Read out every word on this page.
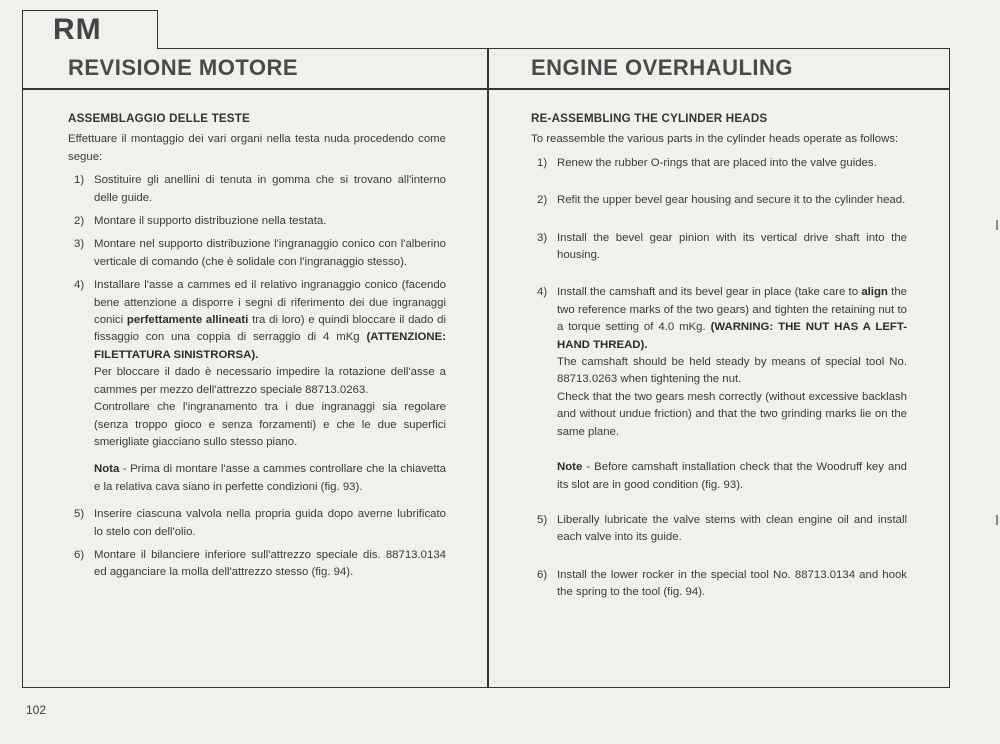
RM
REVISIONE MOTORE	ENGINE OVERHAULING

ASSEMBLAGGIO DELLE TESTE

Effettuare il montaggio dei vari organi nella testa nuda procedendo come segue:

1) Sostituire gli anellini di tenuta in gomma che si trovano all'interno delle guide.

2) Montare il supporto distribuzione nella testata.

3) Montare nel supporto distribuzione l'ingranaggio conico con l'alberino verticale di comando (che è solidale con l'ingranaggio stesso).

4) Installare l'asse a cammes ed il relativo ingranaggio conico (facendo bene attenzione a disporre i segni di riferimento dei due ingranaggi conici perfettamente allineati tra di loro) e quindi bloccare il dado di fissaggio con una coppia di serraggio di 4 mKg (ATTENZIONE: FILETTATURA SINISTRORSA).

Per bloccare il dado è necessario impedire la rotazione dell'asse a cammes per mezzo dell'attrezzo speciale 88713.0263.

Controllare che l'ingranamento tra i due ingranaggi sia regolare (senza troppo gioco e senza forzamenti) e che le due superfici smerigliate giacciano sullo stesso piano.

Nota - Prima di montare l'asse a cammes controllare che la chiavetta e la relativa cava siano in perfette condizioni (fig. 93).

5) Inserire ciascuna valvola nella propria guida dopo averne lubrificato lo stelo con dell'olio.

6) Montare il bilanciere inferiore sull'attrezzo speciale dis. 88713.0134 ed agganciare la molla dell'attrezzo stesso (fig. 94).

RE-ASSEMBLING THE CYLINDER HEADS

To reassemble the various parts in the cylinder heads operate as follows:

1) Renew the rubber O-rings that are placed into the valve guides.

2) Refit the upper bevel gear housing and secure it to the cylinder head.

3) Install the bevel gear pinion with its vertical drive shaft into the housing.

4) Install the camshaft and its bevel gear in place (take care to align the two reference marks of the two gears) and tighten the retaining nut to a torque setting of 4.0 mKg. (WARNING: THE NUT HAS A LEFT-HAND THREAD).

The camshaft should be held steady by means of special tool No. 88713.0263 when tightening the nut.

Check that the two gears mesh correctly (without excessive backlash and without undue friction) and that the two grinding marks lie on the same plane.

Note - Before camshaft installation check that the Woodruff key and its slot are in good condition (fig. 93).

5) Liberally lubricate the valve stems with clean engine oil and install each valve into its guide.

6) Install the lower rocker in the special tool No. 88713.0134 and hook the spring to the tool (fig. 94).

102
